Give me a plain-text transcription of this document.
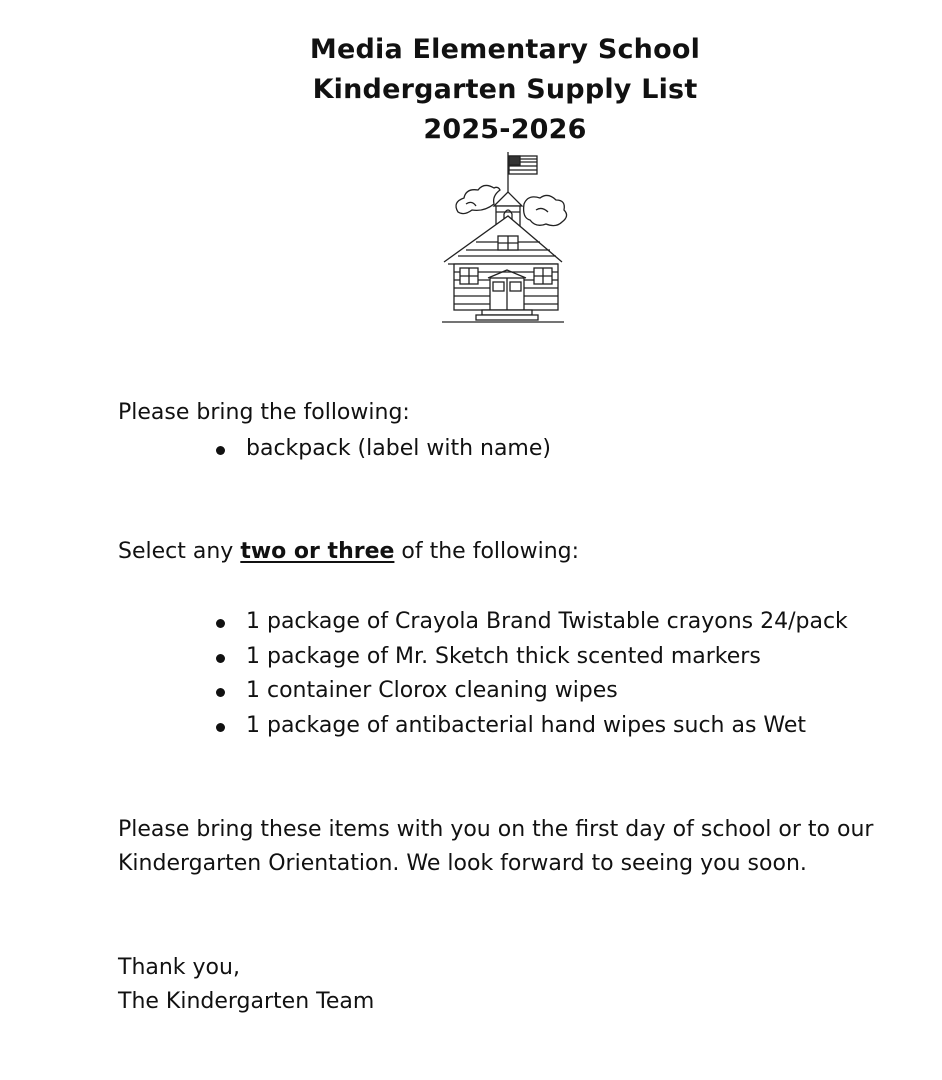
Media Elementary School
Kindergarten Supply List
2025-2026
Please bring the following:
backpack (label with name)
Select any two or three of the following:
1 package of Crayola Brand Twistable crayons 24/pack
1 package of Mr. Sketch thick scented markers
1 container Clorox cleaning wipes
1 package of antibacterial hand wipes such as Wet
Please bring these items with you on the first day of school or to our Kindergarten Orientation. We look forward to seeing you soon.
Thank you,
The Kindergarten Team
